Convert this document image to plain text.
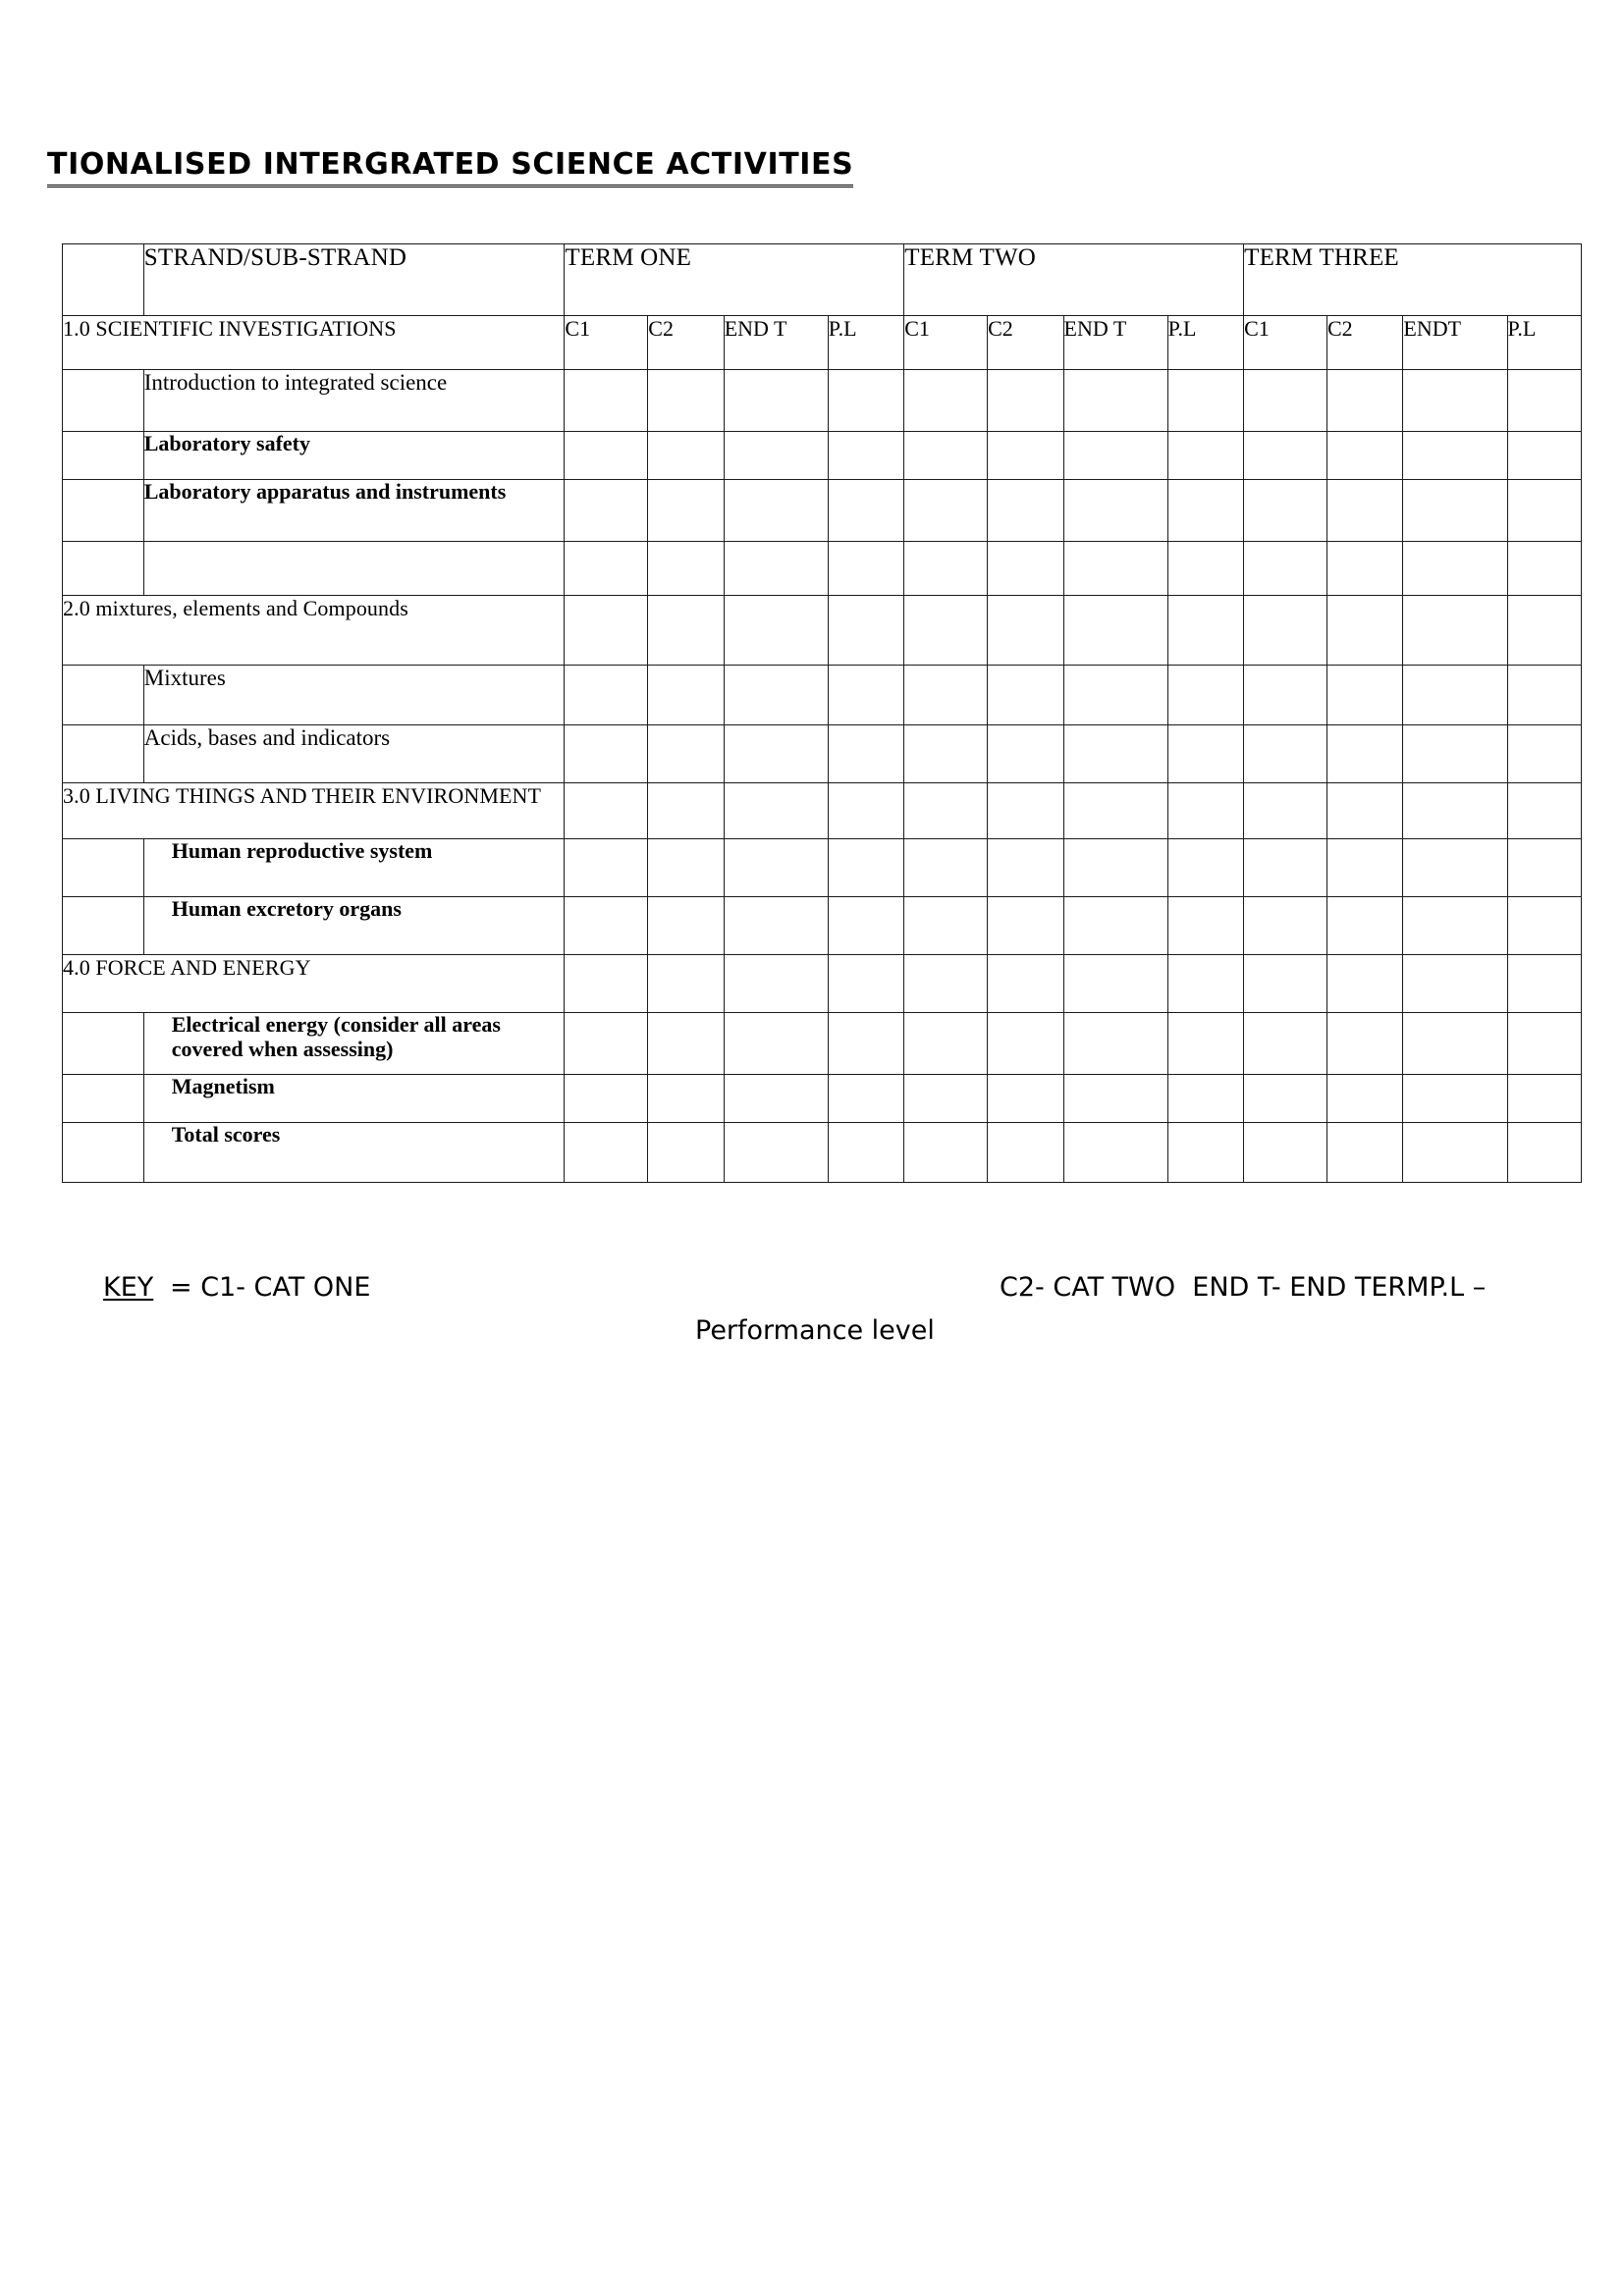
TIONALISED INTERGRATED SCIENCE ACTIVITIES
	STRAND/SUB-STRAND	TERM ONE				TERM TWO				TERM THREE			
1.0 SCIENTIFIC INVESTIGATIONS		C1	C2	END T	P.L	C1	C2	END T	P.L	C1	C2	ENDT	P.L
	Introduction to integrated science												
	Laboratory safety												
	Laboratory apparatus and instruments												

2.0 mixtures, elements and Compounds													
	Mixtures												
	Acids, bases and indicators												
3.0 LIVING THINGS AND THEIR ENVIRONMENT													
	Human reproductive system												
	Human excretory organs												
4.0 FORCE AND ENERGY													
	Electrical energy (consider all areas covered when assessing)												
	Magnetism												
	Total scores												
KEY = C1- CAT ONE	C2- CAT TWO  END T- END TERMP.L –
Performance level
